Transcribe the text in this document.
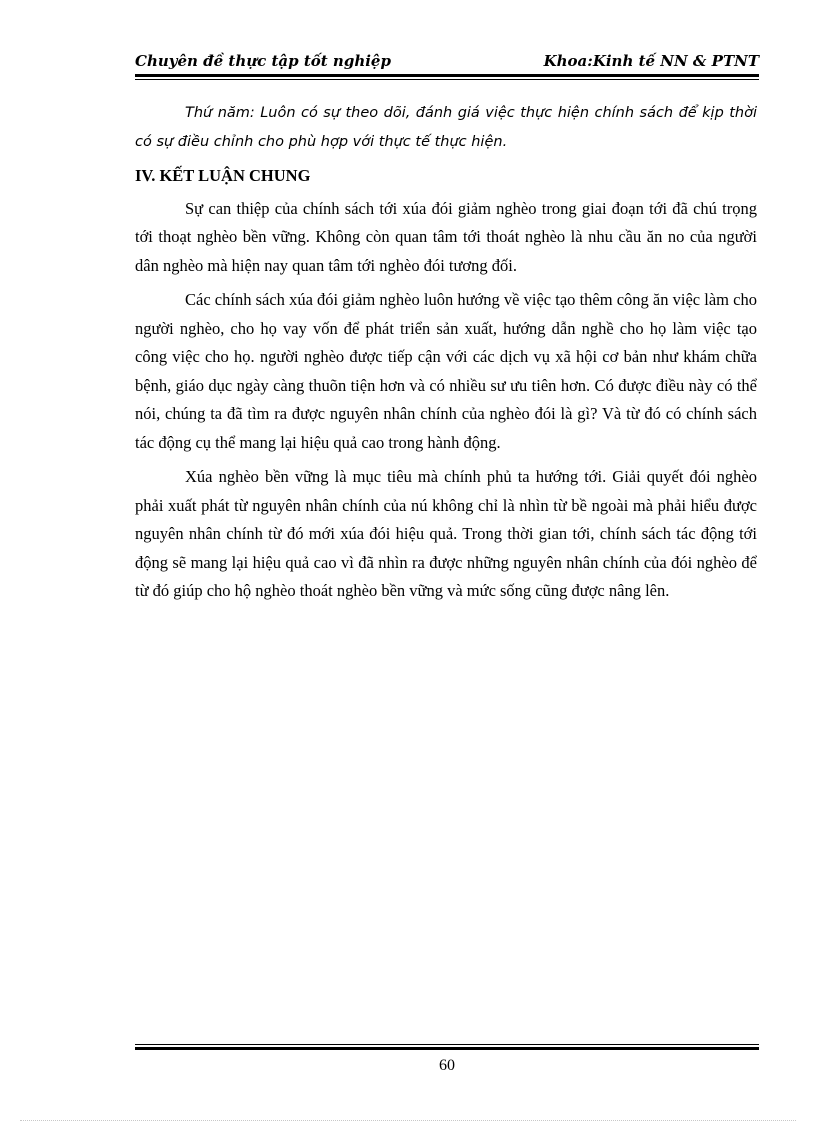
Chuyên đề thực tập tốt nghiệp	Khoa:Kinh tế NN & PTNT

Thứ năm: Luôn có sự theo dõi, đánh giá việc thực hiện chính sách để kịp thời có sự điều chỉnh cho phù hợp với thực tế thực hiện.

IV. KẾT LUẬN CHUNG

Sự can thiệp của chính sách tới xúa đói giảm nghèo trong giai đoạn tới đã chú trọng tới thoạt nghèo bền vững. Không còn quan tâm tới thoát nghèo là nhu cầu ăn no của người dân nghèo mà hiện nay quan tâm tới nghèo đói tương đối.

Các chính sách xúa đói giảm nghèo luôn hướng về việc tạo thêm công ăn việc làm cho người nghèo, cho họ vay vốn để phát triển sản xuất, hướng dẫn nghề cho họ làm việc tạo công việc cho họ. người nghèo được tiếp cận với các dịch vụ xã hội cơ bản như khám chữa bệnh, giáo dục ngày càng thuõn tiện hơn và có nhiều sư ưu tiên hơn. Có được điều này có thể nói, chúng ta đã tìm ra được nguyên nhân chính của nghèo đói là gì? Và từ đó có chính sách tác động cụ thể mang lại hiệu quả cao trong hành động.

Xúa nghèo bền vững là mục tiêu mà chính phủ ta hướng tới. Giải quyết đói nghèo phải xuất phát từ nguyên nhân chính của nú không chỉ là nhìn từ bề ngoài mà phải hiểu được nguyên nhân chính từ đó mới xúa đói hiệu quả. Trong thời gian tới, chính sách tác động tới động sẽ mang lại hiệu quả cao vì đã nhìn ra được những nguyên nhân chính của đói nghèo để từ đó giúp cho hộ nghèo thoát nghèo bền vững và mức sống cũng được nâng lên.

60
